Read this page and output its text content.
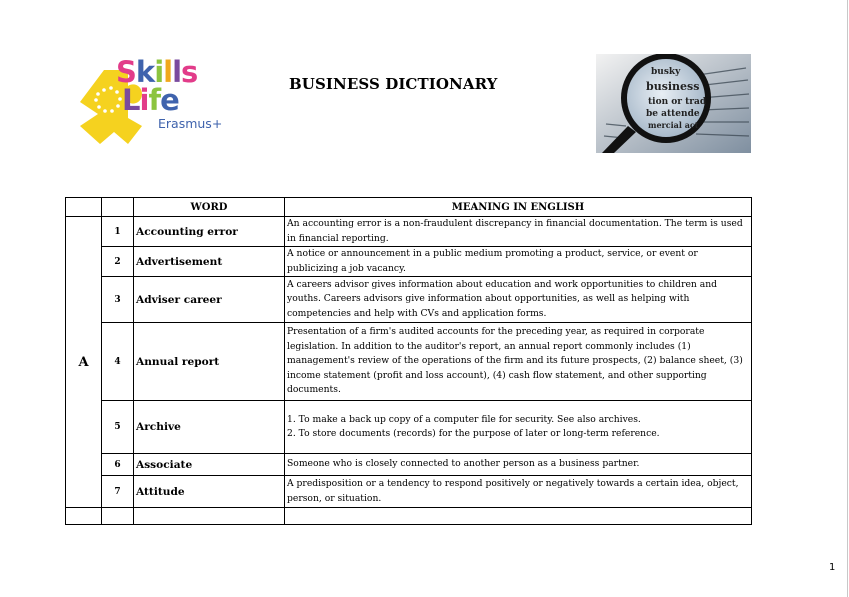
Skills
Life
Erasmus+
BUSINESS DICTIONARY
busky
business
tion or trad
be attende
mercial act
		WORD	MEANING IN ENGLISH
A	1	Accounting error	An accounting error is a non-fraudulent discrepancy in financial documentation. The term is used in financial reporting.
	2	Advertisement	A notice or announcement in a public medium promoting a product, service, or event or publicizing a job vacancy.
	3	Adviser career	A careers advisor gives information about education and work opportunities to children and youths. Careers advisors give information about opportunities, as well as helping with competencies and help with CVs and application forms.
	4	Annual report	Presentation of a firm's audited accounts for the preceding year, as required in corporate legislation. In addition to the auditor's report, an annual report commonly includes (1) management's review of the operations of the firm and its future prospects, (2) balance sheet, (3) income statement (profit and loss account), (4) cash flow statement, and other supporting documents.
	5	Archive	1. To make a back up copy of a computer file for security. See also archives.
2. To store documents (records) for the purpose of later or long-term reference.

	6	Associate	Someone who is closely connected to another person as a business partner.
	7	Attitude	A predisposition or a tendency to respond positively or negatively towards a certain idea, object, person, or situation.

1
